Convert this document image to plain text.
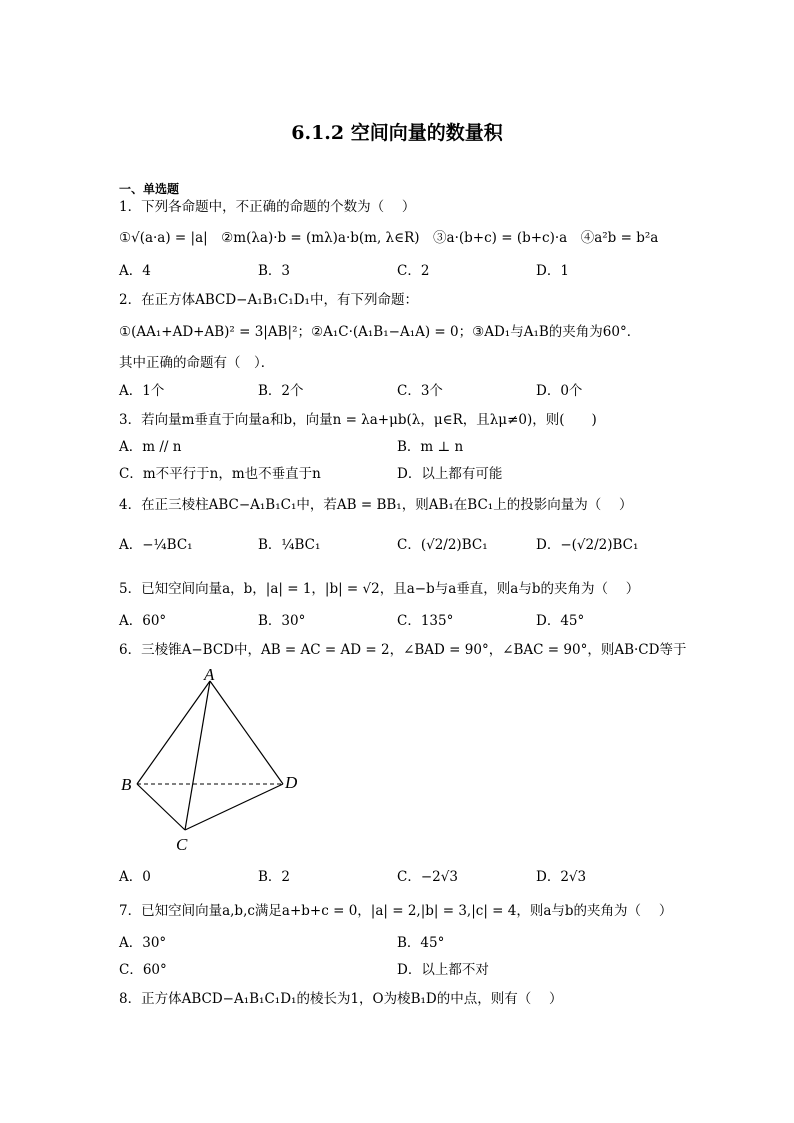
6.1.2 空间向量的数量积
一、单选题
1．下列各命题中，不正确的命题的个数为（　 ）
①√(a·a) = |a|　②m(λa)·b = (mλ)a·b(m, λ∈R)　③a·(b+c) = (b+c)·a　④a²b = b²a
A．4	B．3	C．2	D．1
2．在正方体ABCD−A₁B₁C₁D₁中，有下列命题：
①(AA₁+AD+AB)² = 3|AB|²；②A₁C·(A₁B₁−A₁A) = 0；③AD₁与A₁B的夹角为60°．
其中正确的命题有（　）．
A．1个	B．2个	C．3个	D．0个
3．若向量m垂直于向量a和b，向量n = λa+μb(λ，μ∈R，且λμ≠0)，则(　　)
A．m // n	B．m ⊥ n
C．m不平行于n，m也不垂直于n	D．以上都有可能
4．在正三棱柱ABC−A₁B₁C₁中，若AB = BB₁，则AB₁在BC₁上的投影向量为（　 ）
A．−¼BC₁	B．¼BC₁	C．(√2/2)BC₁	D．−(√2/2)BC₁
5．已知空间向量a，b，|a| = 1，|b| = √2，且a−b与a垂直，则a与b的夹角为（　 ）
A．60°	B．30°	C．135°	D．45°
6．三棱锥A−BCD中，AB = AC = AD = 2，∠BAD = 90°，∠BAC = 90°，则AB·CD等于
A
B
C
D
A．0	B．2	C．−2√3	D．2√3
7．已知空间向量a,b,c满足a+b+c = 0，|a| = 2,|b| = 3,|c| = 4，则a与b的夹角为（　 ）
A．30°	B．45°
C．60°	D．以上都不对
8．正方体ABCD−A₁B₁C₁D₁的棱长为1，O为棱B₁D的中点，则有（　 ）
